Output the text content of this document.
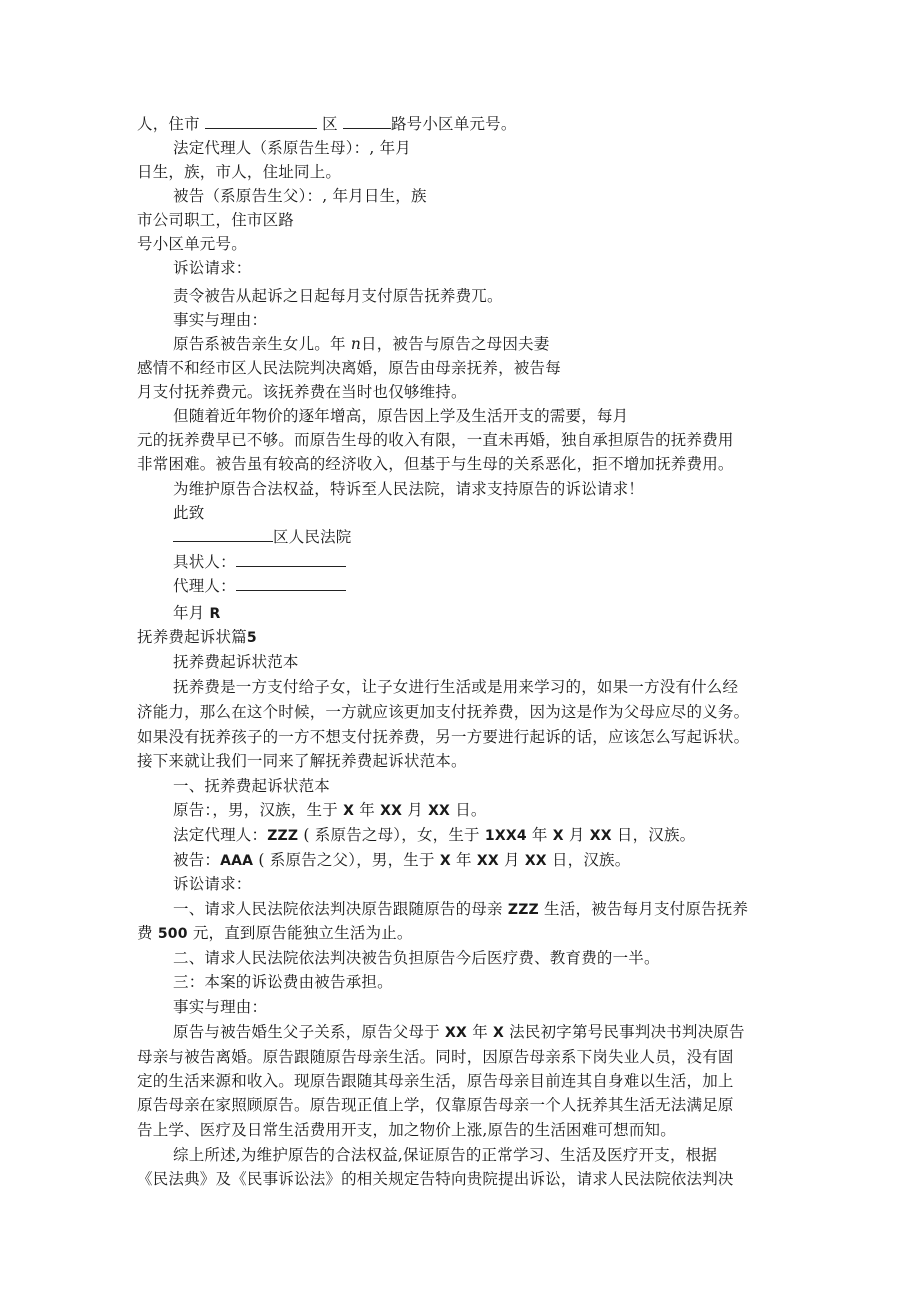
人，住市	区	路号小区单元号。
法定代理人（系原告生母）：, 年月
日生，族，市人，住址同上。
被告（系原告生父）：, 年月日生，族
市公司职工，住市区路
号小区单元号。
诉讼请求：
责令被告从起诉之日起每月支付原告抚养费兀。
事实与理由：
原告系被告亲生女儿。年 n日，被告与原告之母因夫妻
感情不和经市区人民法院判决离婚，原告由母亲抚养，被告每
月支付抚养费元。该抚养费在当时也仅够维持。
但随着近年物价的逐年增高，原告因上学及生活开支的需要，每月
元的抚养费早已不够。而原告生母的收入有限，一直未再婚，独自承担原告的抚养费用
非常困难。被告虽有较高的经济收入，但基于与生母的关系恶化，拒不增加抚养费用。
为维护原告合法权益，特诉至人民法院，请求支持原告的诉讼请求！
此致
区人民法院
具状人：
代理人：
年月 R
抚养费起诉状篇5
抚养费起诉状范本
抚养费是一方支付给子女，让子女进行生活或是用来学习的，如果一方没有什么经
济能力，那么在这个时候，一方就应该更加支付抚养费，因为这是作为父母应尽的义务。
如果没有抚养孩子的一方不想支付抚养费，另一方要进行起诉的话，应该怎么写起诉状。
接下来就让我们一同来了解抚养费起诉状范本。
一、抚养费起诉状范本
原告：，男，汉族，生于 X 年 XX 月 XX 日。
法定代理人：ZZZ ( 系原告之母），女，生于 1XX4 年 X 月 XX 日，汉族。
被告：AAA ( 系原告之父），男，生于 X 年 XX 月 XX 日，汉族。
诉讼请求：
一、请求人民法院依法判决原告跟随原告的母亲 ZZZ 生活，被告每月支付原告抚养
费 500 元，直到原告能独立生活为止。
二、请求人民法院依法判决被告负担原告今后医疗费、教育费的一半。
三：本案的诉讼费由被告承担。
事实与理由：
原告与被告婚生父子关系，原告父母于 XX 年 X 法民初字第号民事判决书判决原告
母亲与被告离婚。原告跟随原告母亲生活。同时，因原告母亲系下岗失业人员，没有固
定的生活来源和收入。现原告跟随其母亲生活，原告母亲目前连其自身难以生活，加上
原告母亲在家照顾原告。原告现正值上学，仅靠原告母亲一个人抚养其生活无法满足原
告上学、医疗及日常生活费用开支，加之物价上涨,原告的生活困难可想而知。
综上所述,为维护原告的合法权益,保证原告的正常学习、生活及医疗开支，根据
《民法典》及《民事诉讼法》的相关规定告特向贵院提出诉讼，请求人民法院依法判决
